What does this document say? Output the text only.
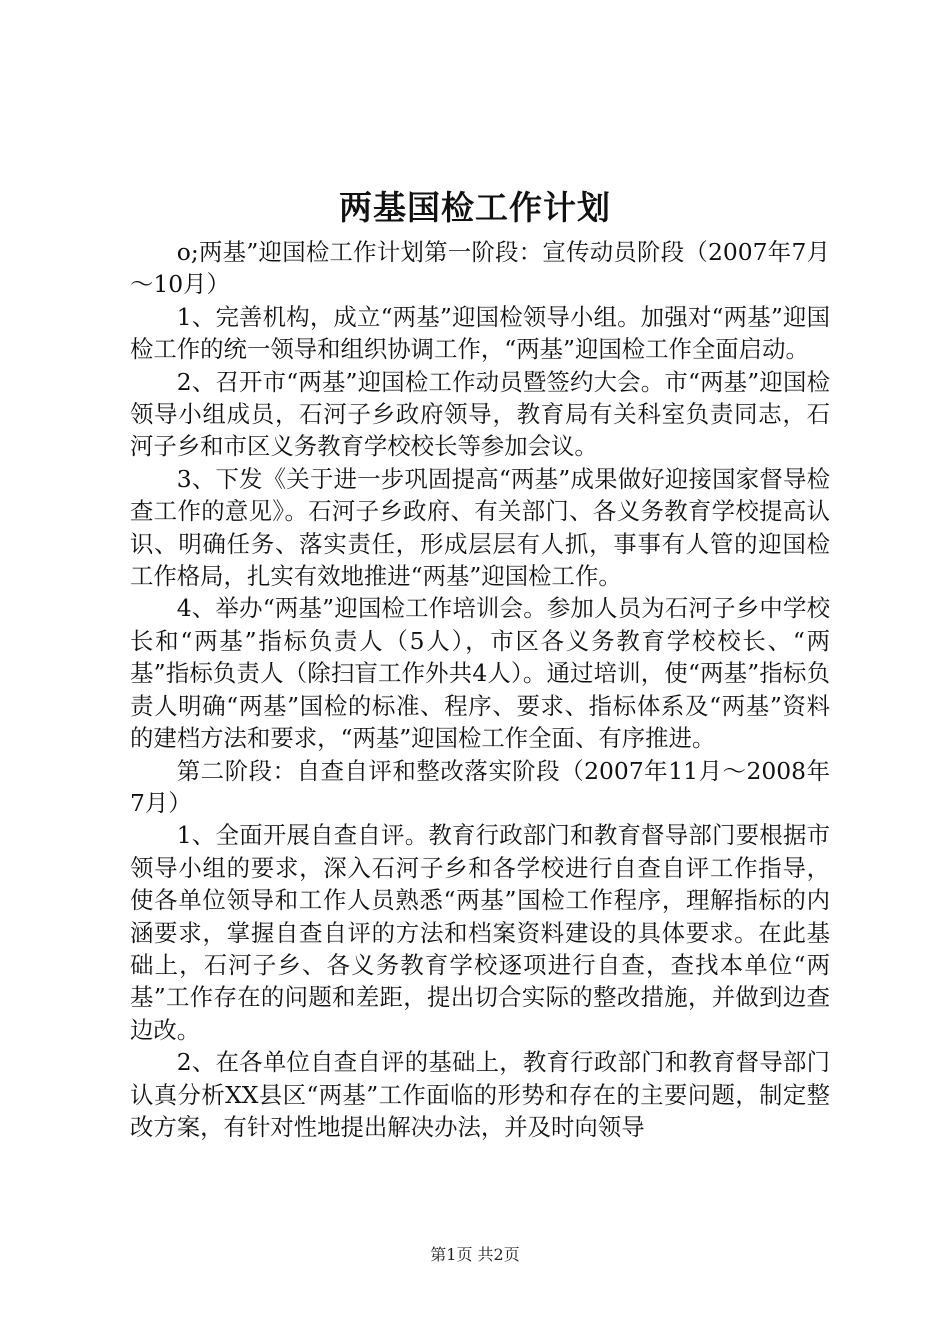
两基国检工作计划

o;两基”迎国检工作计划第一阶段：宣传动员阶段（2007年7月～10月）

1、完善机构，成立“两基”迎国检领导小组。加强对“两基”迎国检工作的统一领导和组织协调工作，“两基”迎国检工作全面启动。

2、召开市“两基”迎国检工作动员暨签约大会。市“两基”迎国检领导小组成员，石河子乡政府领导，教育局有关科室负责同志，石河子乡和市区义务教育学校校长等参加会议。

3、下发《关于进一步巩固提高“两基”成果做好迎接国家督导检查工作的意见》。石河子乡政府、有关部门、各义务教育学校提高认识、明确任务、落实责任，形成层层有人抓，事事有人管的迎国检工作格局，扎实有效地推进“两基”迎国检工作。

4、举办“两基”迎国检工作培训会。参加人员为石河子乡中学校长和“两基”指标负责人（5人），市区各义务教育学校校长、“两基”指标负责人（除扫盲工作外共4人）。通过培训，使“两基”指标负责人明确“两基”国检的标准、程序、要求、指标体系及“两基”资料的建档方法和要求，“两基”迎国检工作全面、有序推进。

第二阶段：自查自评和整改落实阶段（2007年11月～2008年7月）

1、全面开展自查自评。教育行政部门和教育督导部门要根据市领导小组的要求，深入石河子乡和各学校进行自查自评工作指导，使各单位领导和工作人员熟悉“两基”国检工作程序，理解指标的内涵要求，掌握自查自评的方法和档案资料建设的具体要求。在此基础上，石河子乡、各义务教育学校逐项进行自查，查找本单位“两基”工作存在的问题和差距，提出切合实际的整改措施，并做到边查边改。

2、在各单位自查自评的基础上，教育行政部门和教育督导部门认真分析XX县区“两基”工作面临的形势和存在的主要问题，制定整改方案，有针对性地提出解决办法，并及时向领导

第1页 共2页
